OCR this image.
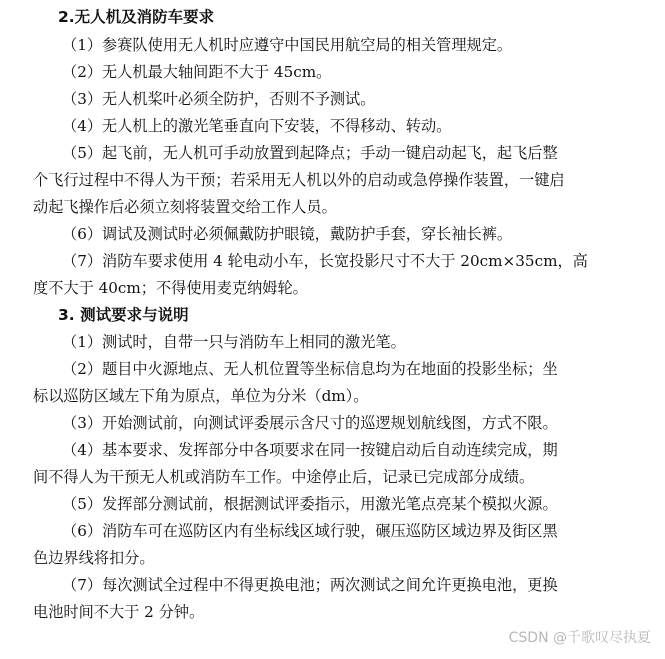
2.无人机及消防车要求

（1）参赛队使用无人机时应遵守中国民用航空局的相关管理规定。

（2）无人机最大轴间距不大于 45cm。

（3）无人机桨叶必须全防护，否则不予测试。

（4）无人机上的激光笔垂直向下安装，不得移动、转动。

（5）起飞前，无人机可手动放置到起降点；手动一键启动起飞，起飞后整

个飞行过程中不得人为干预；若采用无人机以外的启动或急停操作装置，一键启

动起飞操作后必须立刻将装置交给工作人员。

（6）调试及测试时必须佩戴防护眼镜，戴防护手套，穿长袖长裤。

（7）消防车要求使用 4 轮电动小车，长宽投影尺寸不大于 20cm×35cm，高

度不大于 40cm；不得使用麦克纳姆轮。

3. 测试要求与说明

（1）测试时，自带一只与消防车上相同的激光笔。

（2）题目中火源地点、无人机位置等坐标信息均为在地面的投影坐标；坐

标以巡防区域左下角为原点，单位为分米（dm）。

（3）开始测试前，向测试评委展示含尺寸的巡逻规划航线图，方式不限。

（4）基本要求、发挥部分中各项要求在同一按键启动后自动连续完成，期

间不得人为干预无人机或消防车工作。中途停止后，记录已完成部分成绩。

（5）发挥部分测试前，根据测试评委指示，用激光笔点亮某个模拟火源。

（6）消防车可在巡防区内有坐标线区域行驶，碾压巡防区域边界及街区黑

色边界线将扣分。

（7）每次测试全过程中不得更换电池；两次测试之间允许更换电池，更换

电池时间不大于 2 分钟。

CSDN @千歌叹尽执夏
